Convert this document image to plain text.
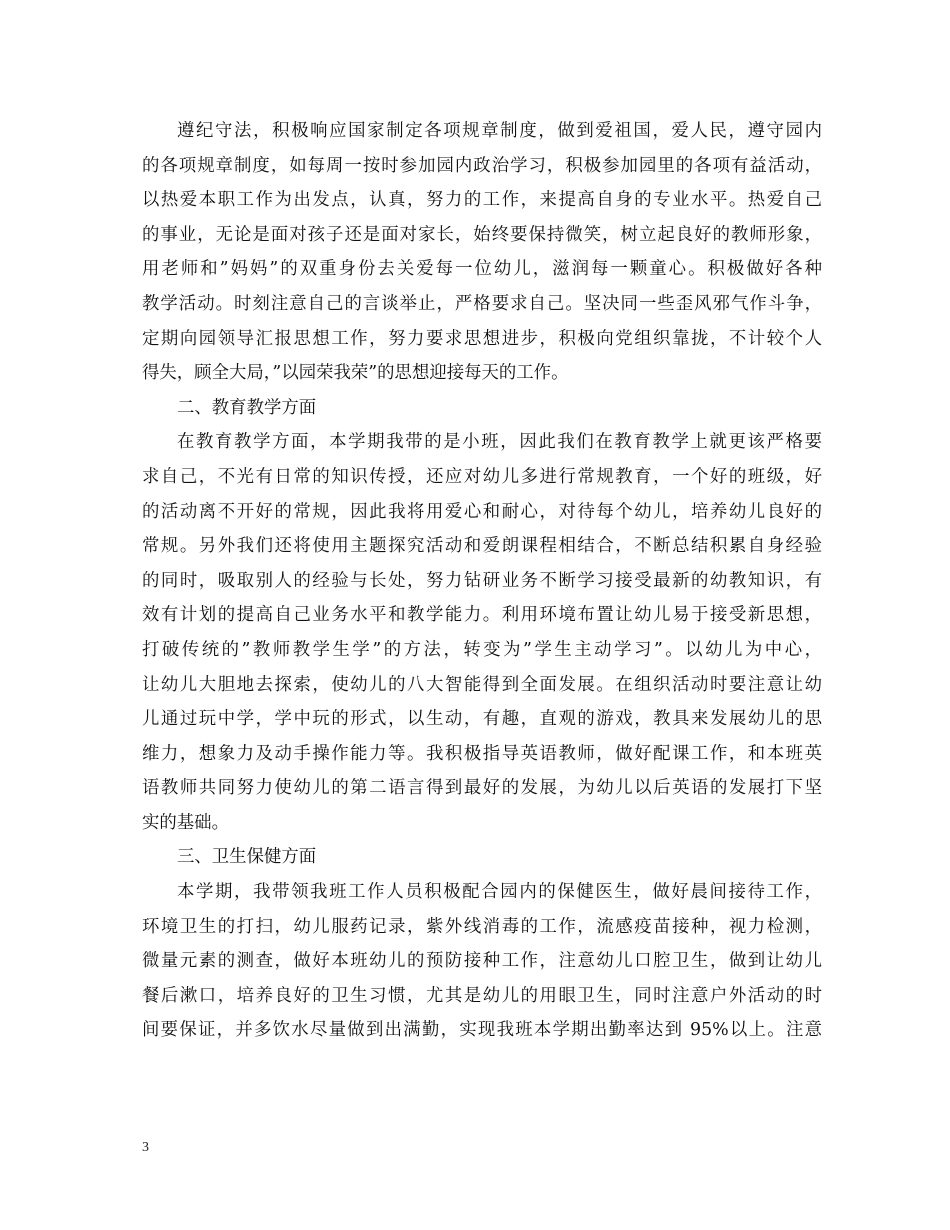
遵纪守法，积极响应国家制定各项规章制度，做到爱祖国，爱人民，遵守园内
的各项规章制度，如每周一按时参加园内政治学习，积极参加园里的各项有益活动，
以热爱本职工作为出发点，认真，努力的工作，来提高自身的专业水平。热爱自己
的事业，无论是面对孩子还是面对家长，始终要保持微笑，树立起良好的教师形象，
用老师和”妈妈”的双重身份去关爱每一位幼儿，滋润每一颗童心。积极做好各种
教学活动。时刻注意自己的言谈举止，严格要求自己。坚决同一些歪风邪气作斗争，
定期向园领导汇报思想工作，努力要求思想进步，积极向党组织靠拢，不计较个人
得失，顾全大局，”以园荣我荣”的思想迎接每天的工作。

二、教育教学方面

在教育教学方面，本学期我带的是小班，因此我们在教育教学上就更该严格要
求自己，不光有日常的知识传授，还应对幼儿多进行常规教育，一个好的班级，好
的活动离不开好的常规，因此我将用爱心和耐心，对待每个幼儿，培养幼儿良好的
常规。另外我们还将使用主题探究活动和爱朗课程相结合，不断总结积累自身经验
的同时，吸取别人的经验与长处，努力钻研业务不断学习接受最新的幼教知识，有
效有计划的提高自己业务水平和教学能力。利用环境布置让幼儿易于接受新思想，
打破传统的”教师教学生学”的方法，转变为”学生主动学习”。以幼儿为中心，
让幼儿大胆地去探索，使幼儿的八大智能得到全面发展。在组织活动时要注意让幼
儿通过玩中学，学中玩的形式，以生动，有趣，直观的游戏，教具来发展幼儿的思
维力，想象力及动手操作能力等。我积极指导英语教师，做好配课工作，和本班英
语教师共同努力使幼儿的第二语言得到最好的发展，为幼儿以后英语的发展打下坚
实的基础。

三、卫生保健方面

本学期，我带领我班工作人员积极配合园内的保健医生，做好晨间接待工作，
环境卫生的打扫，幼儿服药记录，紫外线消毒的工作，流感疫苗接种，视力检测，
微量元素的测查，做好本班幼儿的预防接种工作，注意幼儿口腔卫生，做到让幼儿
餐后漱口，培养良好的卫生习惯，尤其是幼儿的用眼卫生，同时注意户外活动的时
间要保证，并多饮水尽量做到出满勤，实现我班本学期出勤率达到 95%以上。注意

3
